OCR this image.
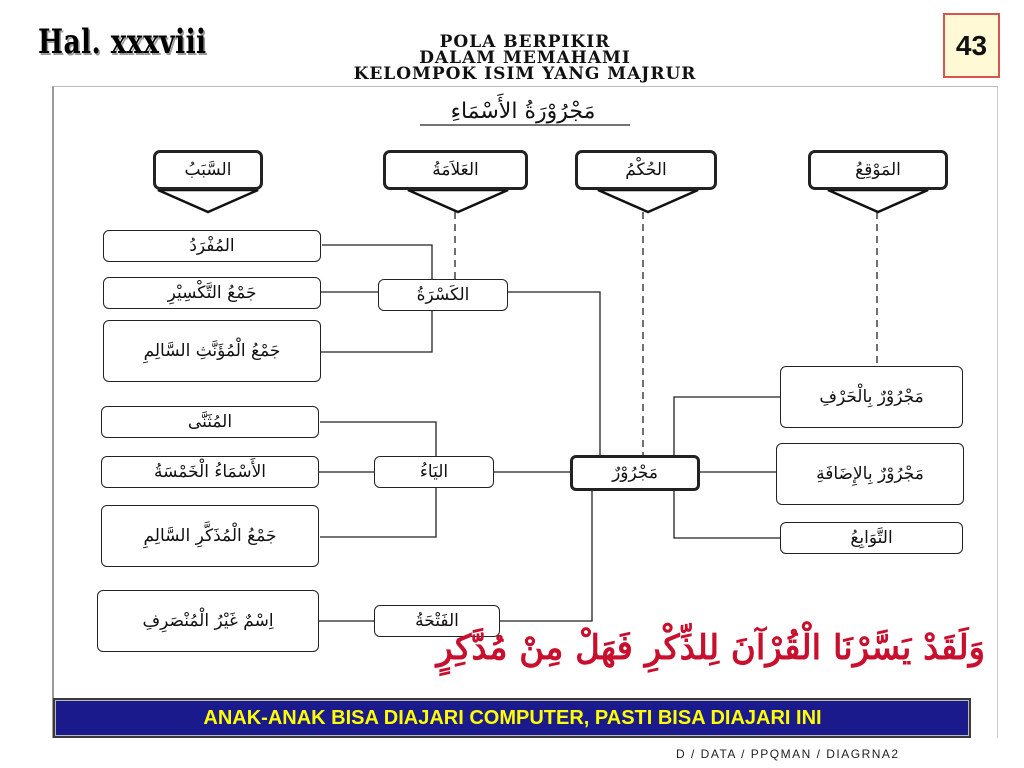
Hal. xxxviii	POLA BERPIKIR
DALAM MEMAHAMI
KELOMPOK ISIM YANG MAJRUR
43
مَجْرُوْرَةُ الأَسْمَاءِ
السَّبَبُ	العَلاَمَةُ	الحُكْمُ	المَوْقِعُ
المُفْرَدُ
جَمْعُ التَّكْسِيْرِ
جَمْعُ الْمُؤَنَّثِ السَّالِمِ
الكَسْرَةُ
المُثَنَّى
الأَسْمَاءُ الْخَمْسَةُ
جَمْعُ الْمُذَكَّرِ السَّالِمِ
اليَاءُ
اِسْمٌ غَيْرُ الْمُنْصَرِفِ	الفَتْحَةُ
مَجْرُوْرٌ
مَجْرُوْرٌ بِالْحَرْفِ
مَجْرُوْرٌ بِالإِضَافَةِ
التَّوَابِعُ
وَلَقَدْ يَسَّرْنَا الْقُرْآنَ لِلذِّكْرِ فَهَلْ مِنْ مُدَّكِرٍ
ANAK-ANAK BISA DIAJARI COMPUTER, PASTI BISA DIAJARI INI
D / DATA / PPQMAN / DIAGRNA2
